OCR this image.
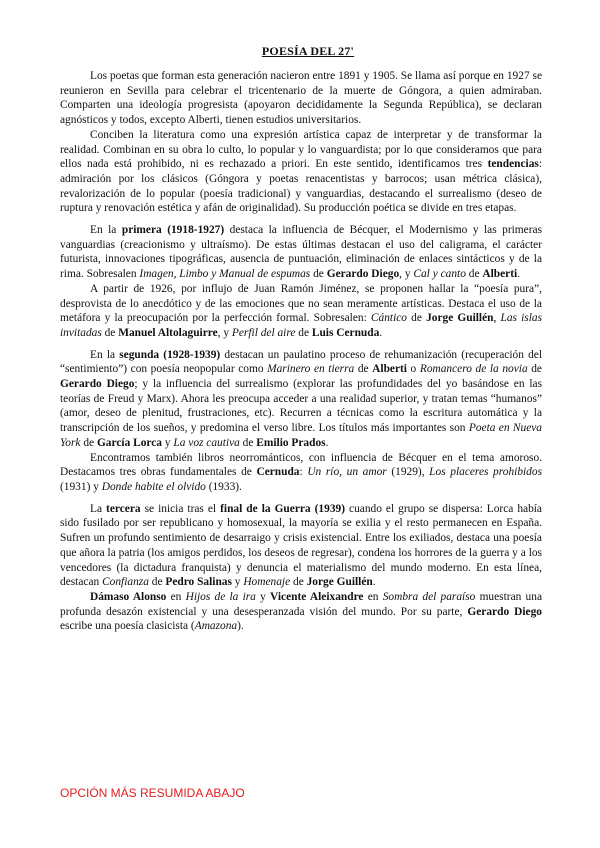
POESÍA DEL 27'

Los poetas que forman esta generación nacieron entre 1891 y 1905. Se llama así porque en 1927 se reunieron en Sevilla para celebrar el tricentenario de la muerte de Góngora, a quien admiraban. Comparten una ideología progresista (apoyaron decididamente la Segunda República), se declaran agnósticos y todos, excepto Alberti, tienen estudios universitarios.

Conciben la literatura como una expresión artística capaz de interpretar y de transformar la realidad. Combinan en su obra lo culto, lo popular y lo vanguardista; por lo que consideramos que para ellos nada está prohibido, ni es rechazado a priori. En este sentido, identificamos tres tendencias: admiración por los clásicos (Góngora y poetas renacentistas y barrocos; usan métrica clásica), revalorización de lo popular (poesía tradicional) y vanguardias, destacando el surrealismo (deseo de ruptura y renovación estética y afán de originalidad). Su producción poética se divide en tres etapas.

En la primera (1918-1927) destaca la influencia de Bécquer, el Modernismo y las primeras vanguardias (creacionismo y ultraísmo). De estas últimas destacan el uso del caligrama, el carácter futurista, innovaciones tipográficas, ausencia de puntuación, eliminación de enlaces sintácticos y de la rima. Sobresalen Imagen, Limbo y Manual de espumas de Gerardo Diego, y Cal y canto de Alberti.

A partir de 1926, por influjo de Juan Ramón Jiménez, se proponen hallar la “poesía pura”, desprovista de lo anecdótico y de las emociones que no sean meramente artísticas. Destaca el uso de la metáfora y la preocupación por la perfección formal. Sobresalen: Cántico de Jorge Guillén, Las islas invitadas de Manuel Altolaguirre, y Perfil del aire de Luis Cernuda.

En la segunda (1928-1939) destacan un paulatino proceso de rehumanización (recuperación del “sentimiento”) con poesía neopopular como Marinero en tierra de Alberti o Romancero de la novia de Gerardo Diego; y la influencia del surrealismo (explorar las profundidades del yo basándose en las teorías de Freud y Marx). Ahora les preocupa acceder a una realidad superior, y tratan temas “humanos” (amor, deseo de plenitud, frustraciones, etc). Recurren a técnicas como la escritura automática y la transcripción de los sueños, y predomina el verso libre. Los títulos más importantes son Poeta en Nueva York de García Lorca y La voz cautiva de Emilio Prados.

Encontramos también libros neorrománticos, con influencia de Bécquer en el tema amoroso. Destacamos tres obras fundamentales de Cernuda: Un río, un amor (1929), Los placeres prohibidos (1931) y Donde habite el olvido (1933).

La tercera se inicia tras el final de la Guerra (1939) cuando el grupo se dispersa: Lorca había sido fusilado por ser republicano y homosexual, la mayoría se exilia y el resto permanecen en España. Sufren un profundo sentimiento de desarraigo y crisis existencial. Entre los exiliados, destaca una poesía que añora la patria (los amigos perdidos, los deseos de regresar), condena los horrores de la guerra y a los vencedores (la dictadura franquista) y denuncia el materialismo del mundo moderno. En esta línea, destacan Confianza de Pedro Salinas y Homenaje de Jorge Guillén.

Dámaso Alonso en Hijos de la ira y Vicente Aleixandre en Sombra del paraíso muestran una profunda desazón existencial y una desesperanzada visión del mundo. Por su parte, Gerardo Diego escribe una poesía clasicista (Amazona).

OPCIÓN MÁS RESUMIDA ABAJO
